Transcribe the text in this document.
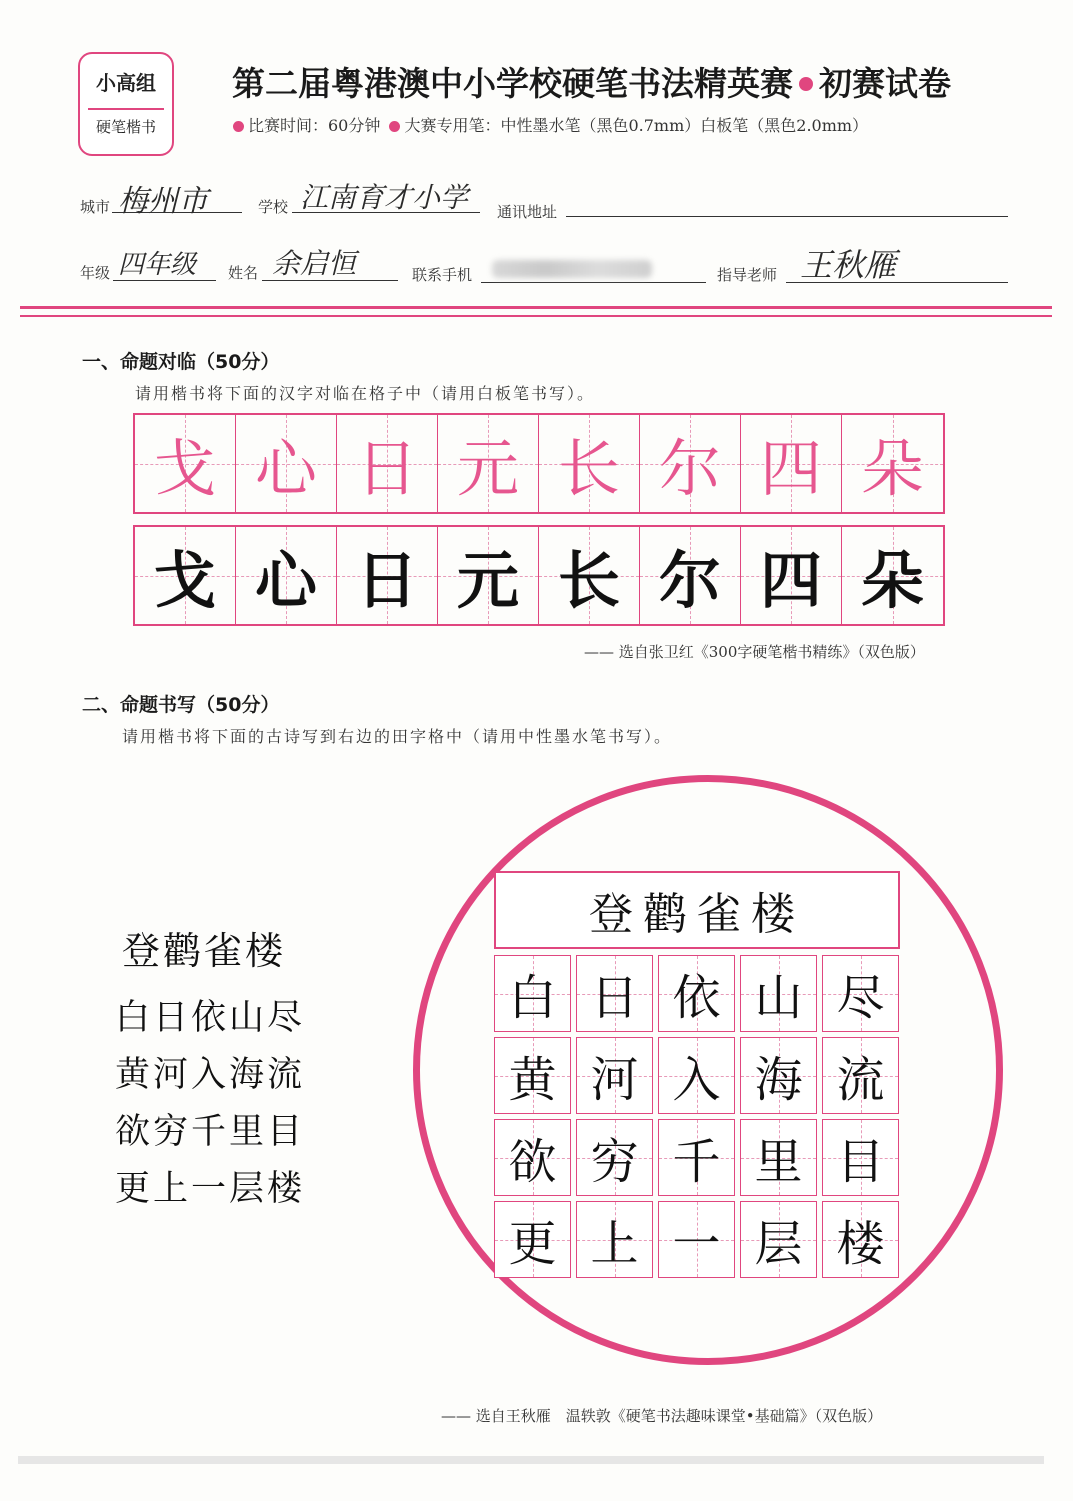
小高组
硬笔楷书
第二届粤港澳中小学校硬笔书法精英赛 初赛试卷
比赛时间：60分钟 大赛专用笔：中性墨水笔（黑色0.7mm）白板笔（黑色2.0mm）
城市 梅州市	学校 江南育才小学 通讯地址
年级 四年级 姓名 余启恒	联系手机	指导老师 王秋雁
一、命题对临（50分）
请用楷书将下面的汉字对临在格子中（请用白板笔书写）。
戈 心 日 元 长 尔 四 朵
戈 心 日 元 长 尔 四 朵
—— 选自张卫红《300字硬笔楷书精练》（双色版）
二、命题书写（50分）
请用楷书将下面的古诗写到右边的田字格中（请用中性墨水笔书写）。
登鹳雀楼
白日依山尽
黄河入海流
欲穷千里目
更上一层楼
登鹳雀楼
白 日 依 山 尽
黄 河 入 海 流
欲 穷 千 里 目
更 上 一 层 楼
—— 选自王秋雁　温轶敦《硬笔书法趣味课堂•基础篇》（双色版）
